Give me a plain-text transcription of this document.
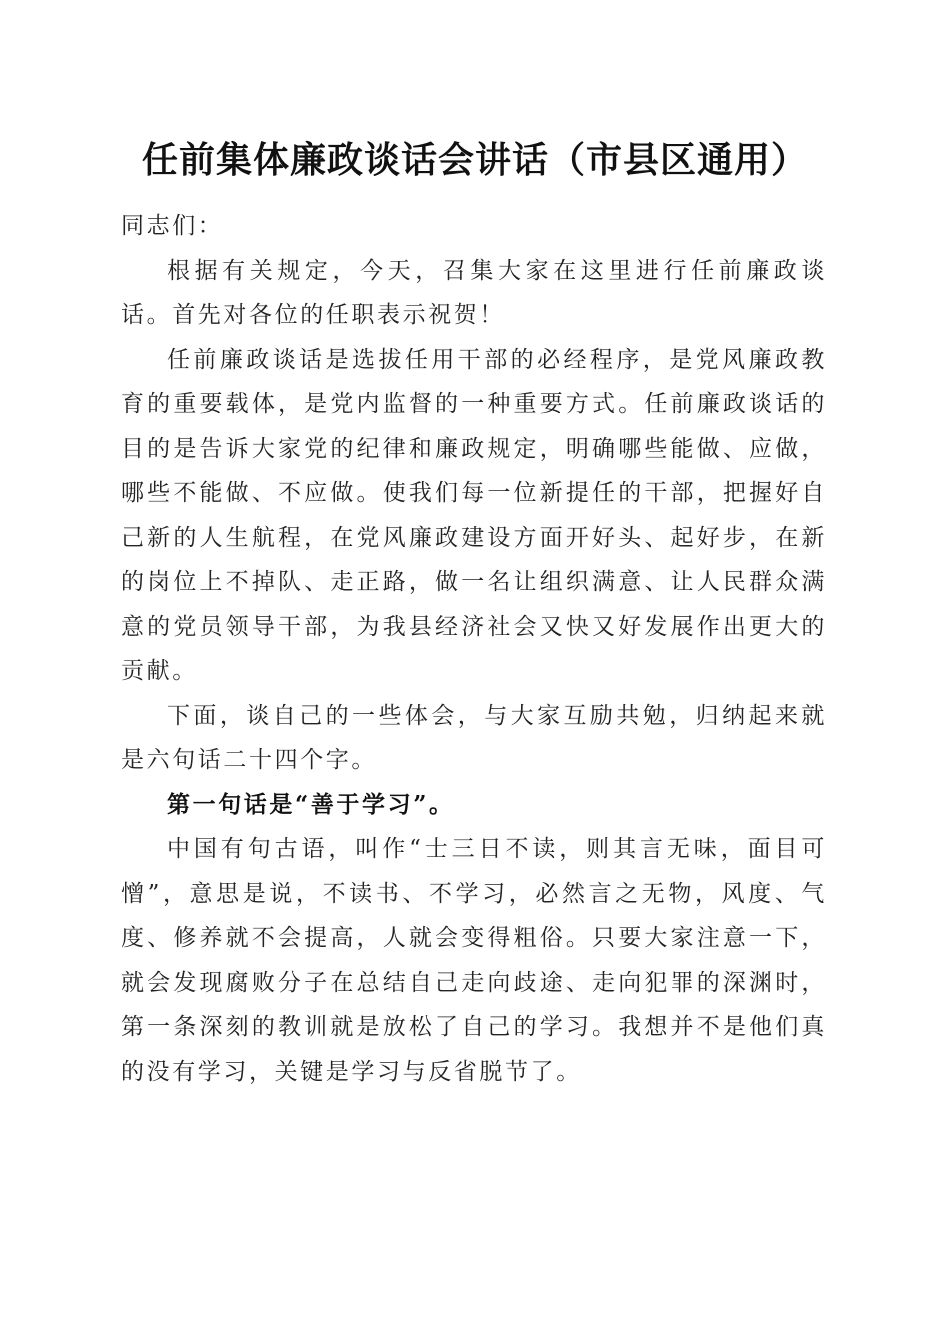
任前集体廉政谈话会讲话（市县区通用）

同志们：

根据有关规定，今天，召集大家在这里进行任前廉政谈话。首先对各位的任职表示祝贺！

任前廉政谈话是选拔任用干部的必经程序，是党风廉政教育的重要载体，是党内监督的一种重要方式。任前廉政谈话的目的是告诉大家党的纪律和廉政规定，明确哪些能做、应做，哪些不能做、不应做。使我们每一位新提任的干部，把握好自己新的人生航程，在党风廉政建设方面开好头、起好步，在新的岗位上不掉队、走正路，做一名让组织满意、让人民群众满意的党员领导干部，为我县经济社会又快又好发展作出更大的贡献。

下面，谈自己的一些体会，与大家互励共勉，归纳起来就是六句话二十四个字。

第一句话是“善于学习”。

中国有句古语，叫作“士三日不读，则其言无味，面目可憎”，意思是说，不读书、不学习，必然言之无物，风度、气度、修养就不会提高，人就会变得粗俗。只要大家注意一下，就会发现腐败分子在总结自己走向歧途、走向犯罪的深渊时，第一条深刻的教训就是放松了自己的学习。我想并不是他们真的没有学习，关键是学习与反省脱节了。
